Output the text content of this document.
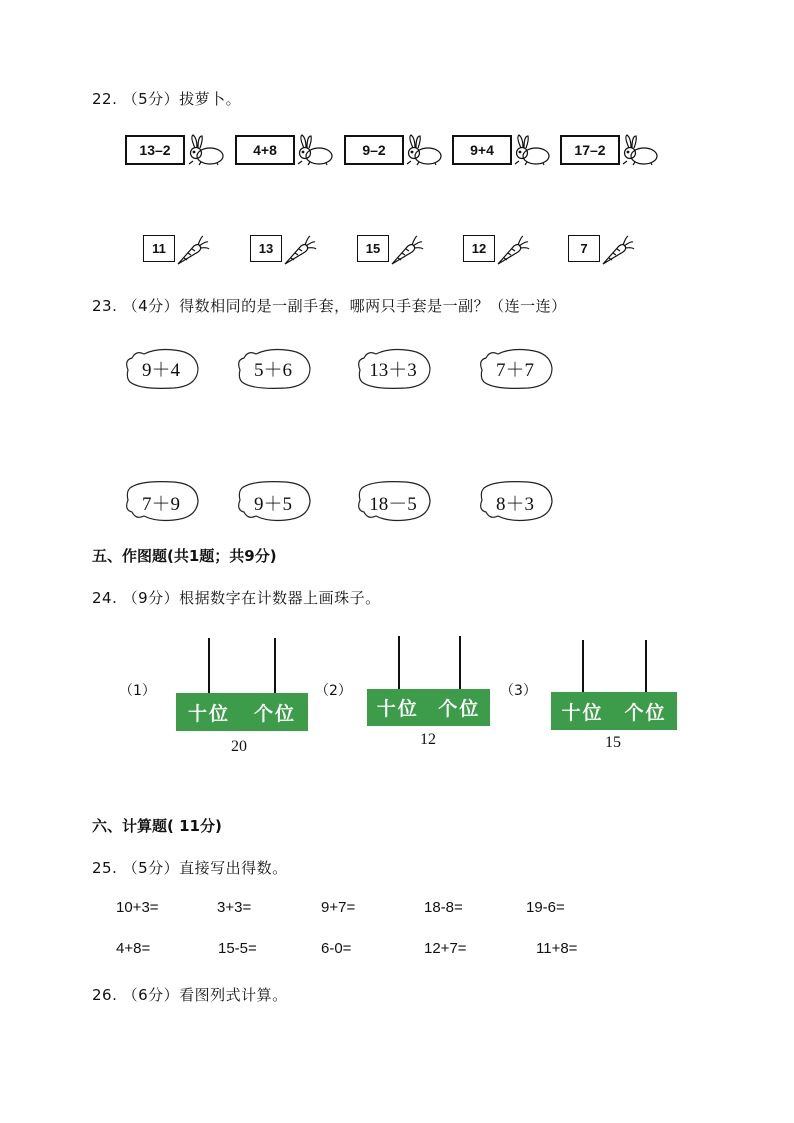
22. （5分）拔萝卜。
13–2	4+8	9–2	9+4	17–2
11	13	15	12	7
23. （4分）得数相同的是一副手套，哪两只手套是一副？（连一连）
9＋4	5＋6	13＋3	7＋7
7＋9	9＋5	18－5	8＋3
五、作图题(共1题；共9分)
24. （9分）根据数字在计数器上画珠子。
（1）
十位 个位
20
（2）
十位 个位
12
（3）
十位 个位
15
六、计算题( 11分)
25. （5分）直接写出得数。
10+3=	3+3=	9+7=	18-8=	19-6=
4+8=	15-5=	6-0=	12+7=	11+8=
26. （6分）看图列式计算。
